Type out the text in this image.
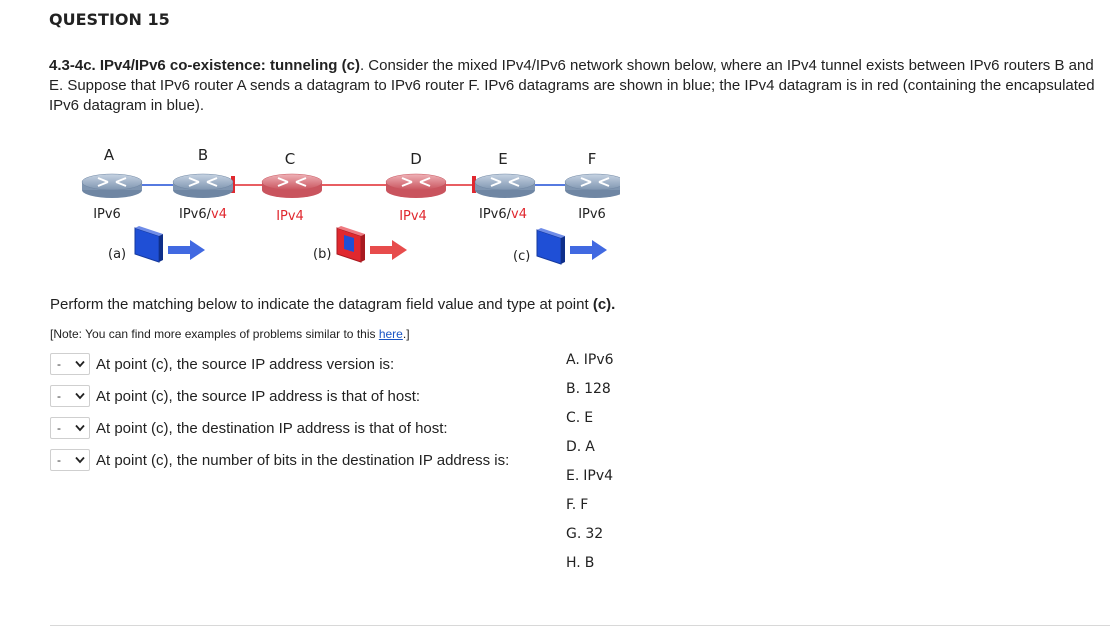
QUESTION 15
4.3-4c. IPv4/IPv6 co-existence: tunneling (c). Consider the mixed IPv4/IPv6 network shown below, where an IPv4 tunnel exists between IPv6 routers B and E. Suppose that IPv6 router A sends a datagram to IPv6 router F. IPv6 datagrams are shown in blue; the IPv4 datagram is in red (containing the encapsulated IPv6 datagram in blue).
A
IPv6
B
IPv6/v4
C
IPv4
D
IPv4
E
IPv6/v4
F
IPv6
(a)	(b)	(c)
Perform the matching below to indicate the datagram field value and type at point (c).
[Note: You can find more examples of problems similar to this here.]
- At point (c), the source IP address version is:
- At point (c), the source IP address is that of host:
- At point (c), the destination IP address is that of host:
- At point (c), the number of bits in the destination IP address is:
A. IPv6
B. 128
C. E
D. A
E. IPv4
F. F
G. 32
H. B
